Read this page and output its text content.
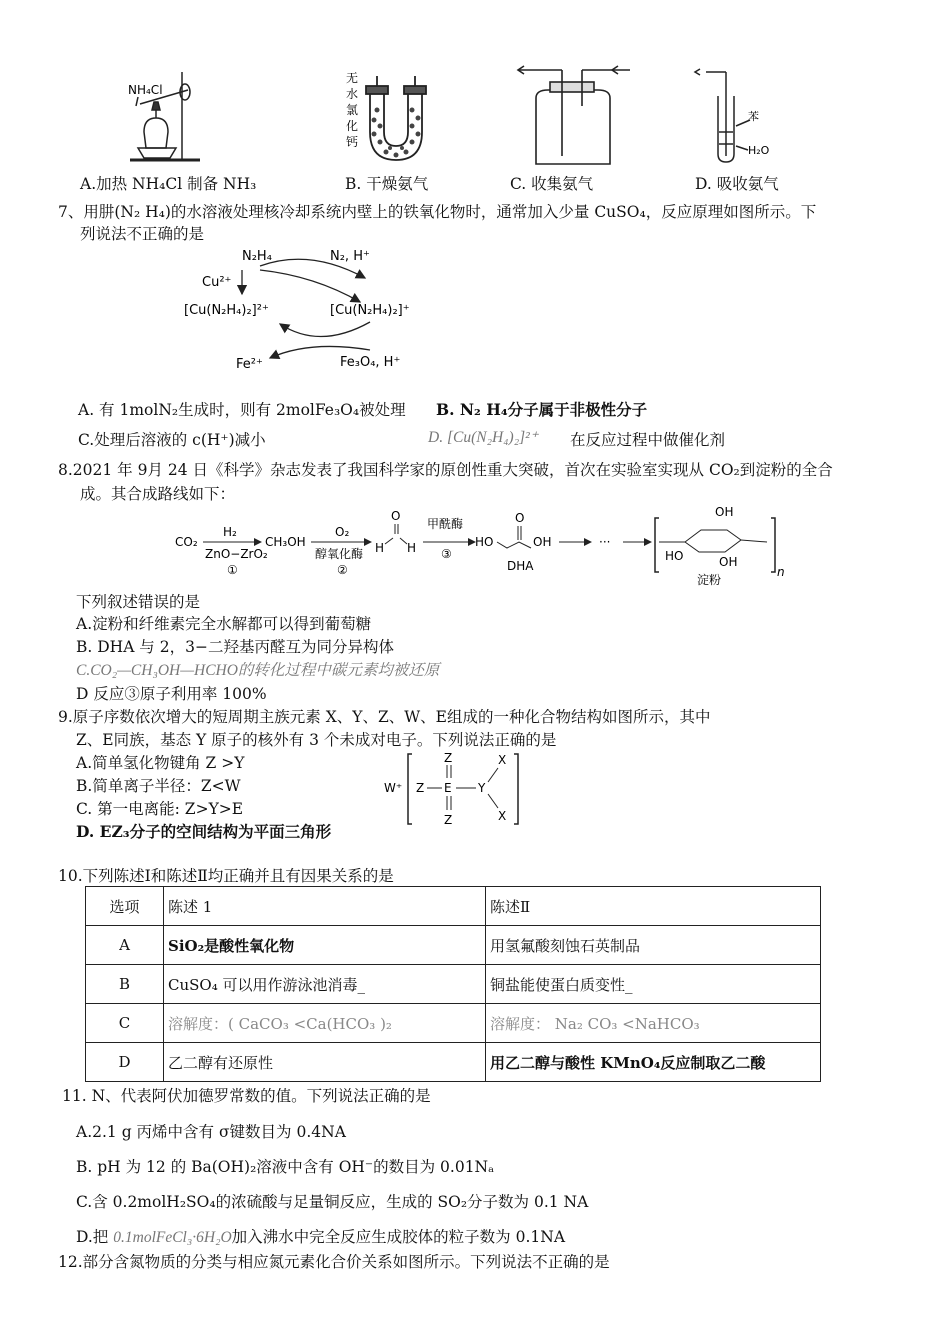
NH₄Cl
无
水
氯
化
钙
苯
H₂O
A.加热 NH₄Cl 制备 NH₃	B. 干燥氨气	C. 收集氨气	D. 吸收氨气
7、用肼(N₂ H₄)的水溶液处理核冷却系统内壁上的铁氧化物时，通常加入少量 CuSO₄，反应原理如图所示。下
列说法不正确的是
N₂H₄	N₂, H⁺
Cu²⁺
[Cu(N₂H₄)₂]²⁺	[Cu(N₂H₄)₂]⁺
Fe²⁺	Fe₃O₄, H⁺
A. 有 1molN₂生成时，则有 2molFe₃O₄被处理 B. N₂ H₄分子属于非极性分子
C.处理后溶液的 c(H⁺)减小	D. [Cu(N₂H₄)₂]²⁺ 在反应过程中做催化剂
8.2021 年 9月 24 日《科学》杂志发表了我国科学家的原创性重大突破，首次在实验室实现从 CO₂到淀粉的全合
成。其合成路线如下：
CO₂
H₂
ZnO−ZrO₂
①
CH₃OH
O₂
醇氧化酶
②
O
H H
甲酰酶
③
HO
O
OH
DHA
···
OH
HO	OH
淀粉
n
下列叙述错误的是
A.淀粉和纤维素完全水解都可以得到葡萄糖
B. DHA 与 2，3−二羟基丙醛互为同分异构体
C.CO₂—CH₃OH—HCHO的转化过程中碳元素均被还原
D 反应③原子利用率 100%
9.原子序数依次增大的短周期主族元素 X、Y、Z、W、E组成的一种化合物结构如图所示，其中
Z、E同族，基态 Y 原子的核外有 3 个未成对电子。下列说法正确的是
A.简单氢化物键角 Z >Y
B.简单离子半径：Z<W
C. 第一电离能: Z>Y>E
D. EZ₃分子的空间结构为平面三角形
W⁺ Z E
Z
Z
Y
X
X
10.下列陈述Ⅰ和陈述Ⅱ均正确并且有因果关系的是
选项	陈述 1	陈述Ⅱ
A	SiO₂是酸性氧化物	用氢氟酸刻蚀石英制品
B	CuSO₄ 可以用作游泳池消毒_	铜盐能使蛋白质变性_
C	溶解度：( CaCO₃ <Ca(HCO₃ )₂	溶解度： Na₂ CO₃ <NaHCO₃
D	乙二醇有还原性	用乙二醇与酸性 KMnO₄反应制取乙二酸
11. N、代表阿伏加德罗常数的值。下列说法正确的是
A.2.1 g 丙烯中含有 σ键数目为 0.4NA
B. pH 为 12 的 Ba(OH)₂溶液中含有 OH⁻的数目为 0.01Nₐ
C.含 0.2molH₂SO₄的浓硫酸与足量铜反应，生成的 SO₂分子数为 0.1 NA
D.把 0.1molFeCl₃·6H₂O加入沸水中完全反应生成胶体的粒子数为 0.1NA
12.部分含氮物质的分类与相应氮元素化合价关系如图所示。下列说法不正确的是
